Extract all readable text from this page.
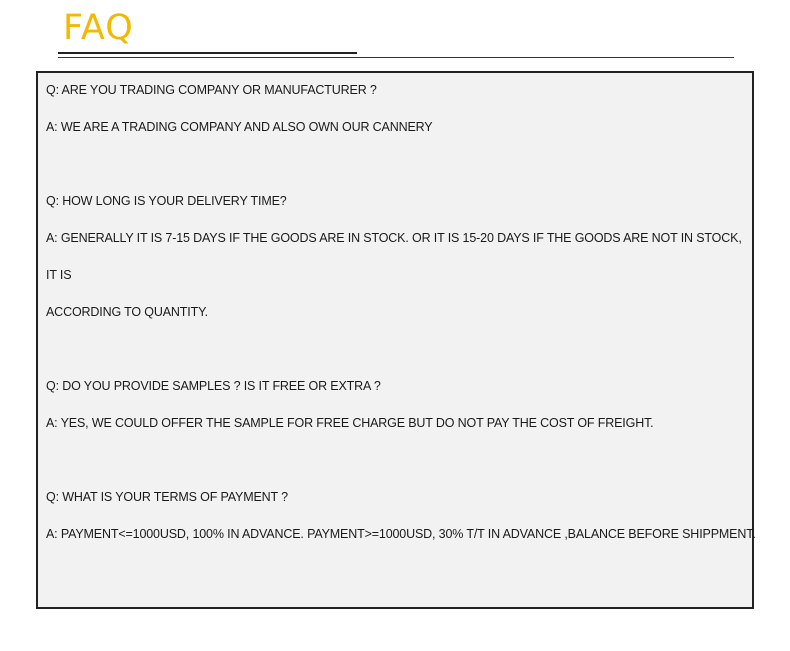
FAQ

Q: ARE YOU TRADING COMPANY OR MANUFACTURER ?

A: WE ARE A TRADING COMPANY AND ALSO OWN OUR CANNERY

Q: HOW LONG IS YOUR DELIVERY TIME?

A: GENERALLY IT IS 7-15 DAYS IF THE GOODS ARE IN STOCK. OR IT IS 15-20 DAYS IF THE GOODS ARE NOT IN STOCK,

IT IS

ACCORDING TO QUANTITY.

Q: DO YOU PROVIDE SAMPLES ? IS IT FREE OR EXTRA ?

A: YES, WE COULD OFFER THE SAMPLE FOR FREE CHARGE BUT DO NOT PAY THE COST OF FREIGHT.

Q: WHAT IS YOUR TERMS OF PAYMENT ?

A: PAYMENT<=1000USD, 100% IN ADVANCE. PAYMENT>=1000USD, 30% T/T IN ADVANCE ,BALANCE BEFORE SHIPPMENT.
